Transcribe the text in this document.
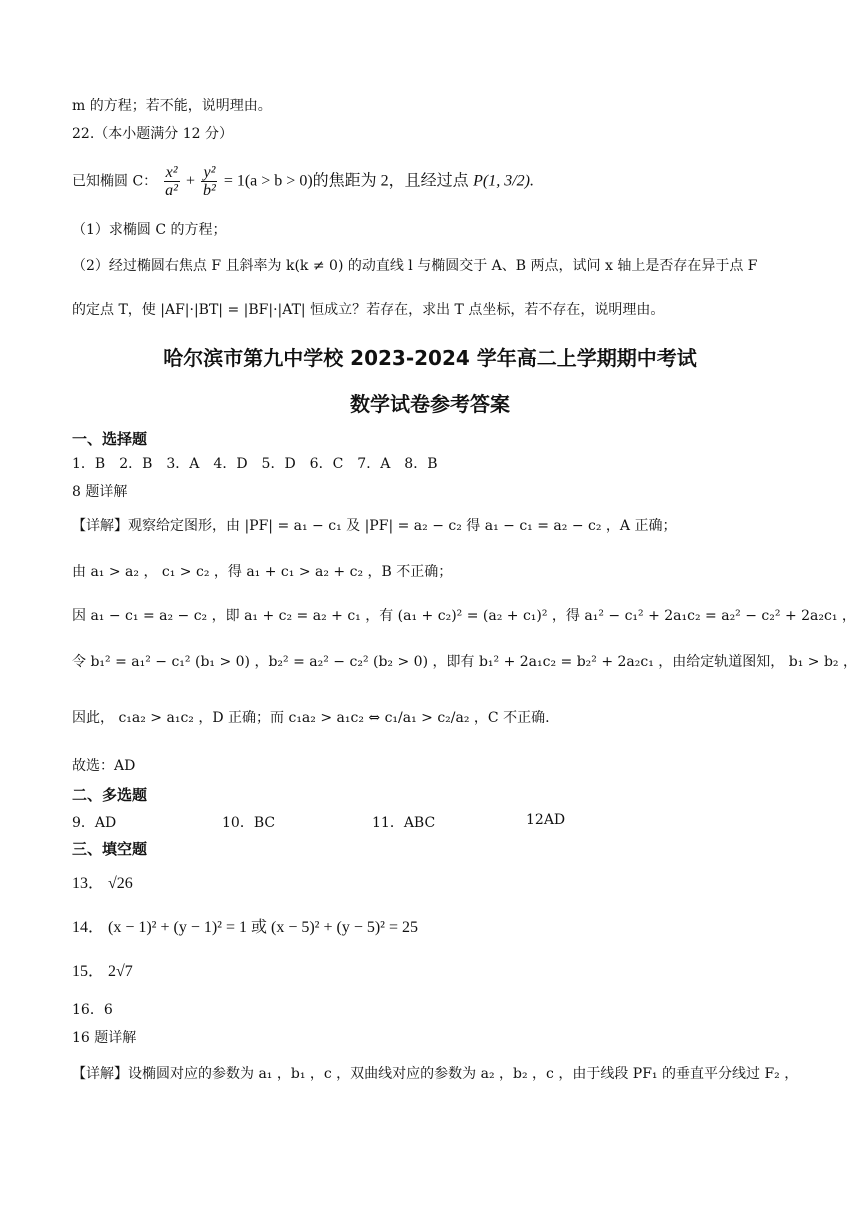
m 的方程；若不能，说明理由。
22.（本小题满分 12 分）
已知椭圆 C： $\frac{\text{x²}}{\text{a²}} + \frac{\text{y²}}{\text{b²}} = 1(a > b > 0)$的焦距为 2，且经过点 P(1, 3/2).
（1）求椭圆 C 的方程；
（2）经过椭圆右焦点 F 且斜率为 k(k ≠ 0) 的动直线 l 与椭圆交于 A、B 两点，试问 x 轴上是否存在异于点 F
的定点 T，使 |AF|·|BT| = |BF|·|AT| 恒成立？若存在，求出 T 点坐标，若不存在，说明理由。
哈尔滨市第九中学校 2023-2024 学年高二上学期期中考试
数学试卷参考答案
一、选择题
1．B　2．B　3．A　4．D　5．D　6．C　7．A　8．B
8 题详解
【详解】观察给定图形，由 |PF| = a₁ − c₁ 及 |PF| = a₂ − c₂ 得 a₁ − c₁ = a₂ − c₂ ，A 正确；
由 a₁ > a₂ ， c₁ > c₂ ，得 a₁ + c₁ > a₂ + c₂ ，B 不正确；
因 a₁ − c₁ = a₂ − c₂ ，即 a₁ + c₂ = a₂ + c₁ ，有 (a₁ + c₂)² = (a₂ + c₁)² ，得 a₁² − c₁² + 2a₁c₂ = a₂² − c₂² + 2a₂c₁ ，
令 b₁² = a₁² − c₁² (b₁ > 0) ，b₂² = a₂² − c₂² (b₂ > 0) ，即有 b₁² + 2a₁c₂ = b₂² + 2a₂c₁ ，由给定轨道图知， b₁ > b₂ ，
因此， c₁a₂ > a₁c₂ ，D 正确；而 c₁a₂ > a₁c₂ ⇔ c₁/a₁ > c₂/a₂ ，C 不正确.
故选：AD
二、多选题
9．AD	10．BC	11．ABC	12AD
三、填空题
13． √26
14． (x − 1)² + (y − 1)² = 1 或 (x − 5)² + (y − 5)² = 25
15． 2√7
16．6
16 题详解
【详解】设椭圆对应的参数为 a₁ ，b₁ ，c ，双曲线对应的参数为 a₂ ，b₂ ，c ，由于线段 PF₁ 的垂直平分线过 F₂ ，
